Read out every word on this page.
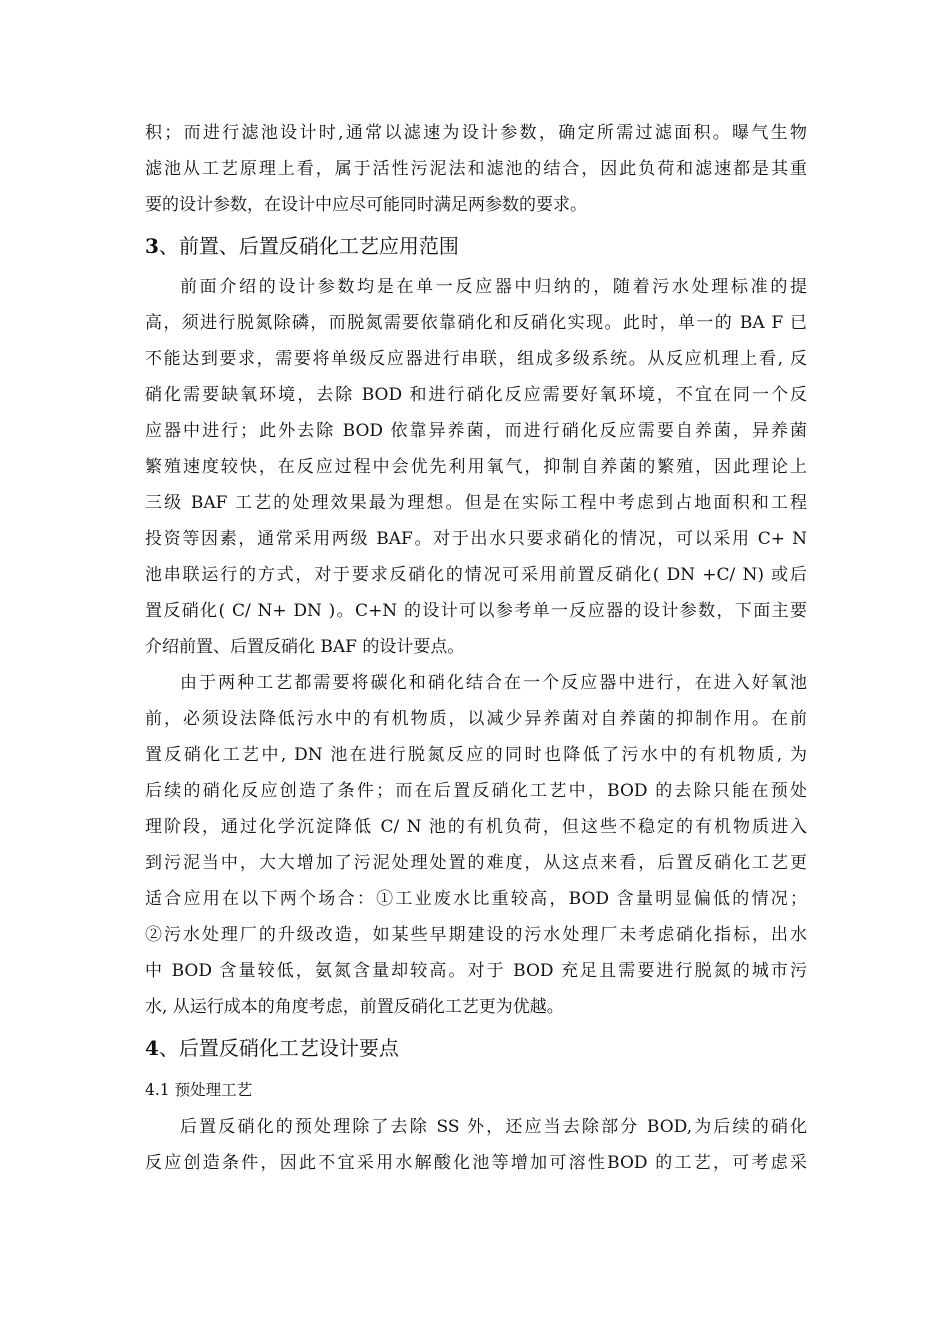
积；而进行滤池设计时,通常以滤速为设计参数，确定所需过滤面积。曝气生物
滤池从工艺原理上看，属于活性污泥法和滤池的结合，因此负荷和滤速都是其重
要的设计参数，在设计中应尽可能同时满足两参数的要求。
3、前置、后置反硝化工艺应用范围
前面介绍的设计参数均是在单一反应器中归纳的，随着污水处理标准的提
高，须进行脱氮除磷，而脱氮需要依靠硝化和反硝化实现。此时，单一的 BA F 已
不能达到要求，需要将单级反应器进行串联，组成多级系统。从反应机理上看, 反
硝化需要缺氧环境，去除 BOD 和进行硝化反应需要好氧环境，不宜在同一个反
应器中进行；此外去除 BOD 依靠异养菌，而进行硝化反应需要自养菌，异养菌
繁殖速度较快，在反应过程中会优先利用氧气，抑制自养菌的繁殖，因此理论上
三级 BAF 工艺的处理效果最为理想。但是在实际工程中考虑到占地面积和工程
投资等因素，通常采用两级 BAF。对于出水只要求硝化的情况，可以采用 C+ N
池串联运行的方式，对于要求反硝化的情况可采用前置反硝化( DN +C/ N) 或后
置反硝化( C/ N+ DN )。C+N 的设计可以参考单一反应器的设计参数，下面主要
介绍前置、后置反硝化 BAF 的设计要点。
由于两种工艺都需要将碳化和硝化结合在一个反应器中进行，在进入好氧池
前，必须设法降低污水中的有机物质，以减少异养菌对自养菌的抑制作用。在前
置反硝化工艺中, DN 池在进行脱氮反应的同时也降低了污水中的有机物质, 为
后续的硝化反应创造了条件；而在后置反硝化工艺中，BOD 的去除只能在预处
理阶段，通过化学沉淀降低 C/ N 池的有机负荷，但这些不稳定的有机物质进入
到污泥当中，大大增加了污泥处理处置的难度，从这点来看，后置反硝化工艺更
适合应用在以下两个场合：①工业废水比重较高，BOD 含量明显偏低的情况；
②污水处理厂的升级改造，如某些早期建设的污水处理厂未考虑硝化指标，出水
中 BOD 含量较低，氨氮含量却较高。对于 BOD 充足且需要进行脱氮的城市污
水, 从运行成本的角度考虑，前置反硝化工艺更为优越。
4、后置反硝化工艺设计要点
4.1 预处理工艺
后置反硝化的预处理除了去除 SS 外，还应当去除部分 BOD,为后续的硝化
反应创造条件，因此不宜采用水解酸化池等增加可溶性BOD 的工艺，可考虑采
